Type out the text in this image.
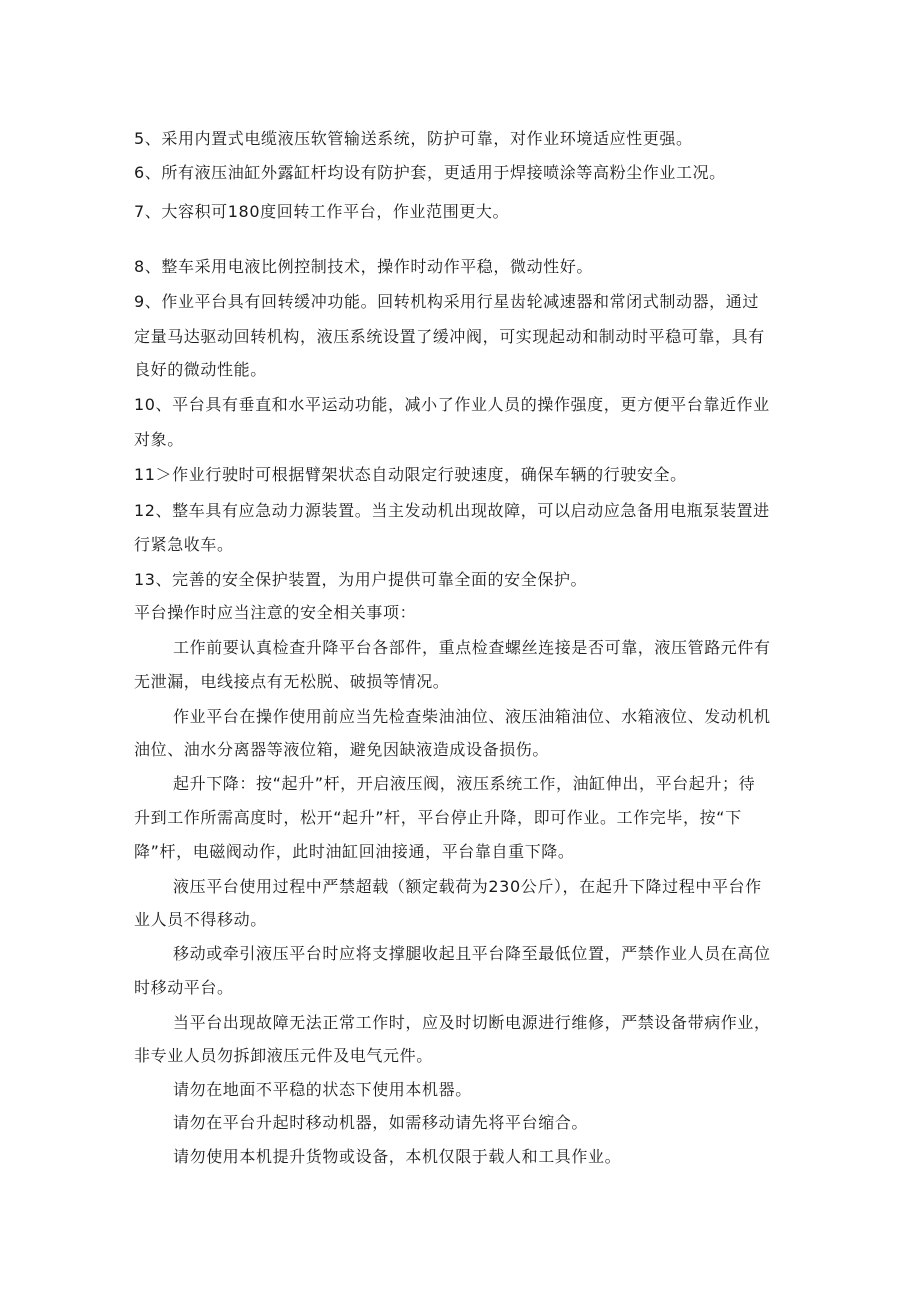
5、采用内置式电缆液压软管输送系统，防护可靠，对作业环境适应性更强。
6、所有液压油缸外露缸杆均设有防护套，更适用于焊接喷涂等高粉尘作业工况。
7、大容积可180度回转工作平台，作业范围更大。
8、整车采用电液比例控制技术，操作时动作平稳，微动性好。
9、作业平台具有回转缓冲功能。回转机构采用行星齿轮减速器和常闭式制动器，通过
定量马达驱动回转机构，液压系统设置了缓冲阀，可实现起动和制动时平稳可靠，具有
良好的微动性能。
10、平台具有垂直和水平运动功能，减小了作业人员的操作强度，更方便平台靠近作业
对象。
11＞作业行驶时可根据臂架状态自动限定行驶速度，确保车辆的行驶安全。
12、整车具有应急动力源装置。当主发动机出现故障，可以启动应急备用电瓶泵装置进
行紧急收车。
13、完善的安全保护装置，为用户提供可靠全面的安全保护。
平台操作时应当注意的安全相关事项：
工作前要认真检查升降平台各部件，重点检查螺丝连接是否可靠，液压管路元件有
无泄漏，电线接点有无松脱、破损等情况。
作业平台在操作使用前应当先检查柴油油位、液压油箱油位、水箱液位、发动机机
油位、油水分离器等液位箱，避免因缺液造成设备损伤。
起升下降：按“起升”杆，开启液压阀，液压系统工作，油缸伸出，平台起升；待
升到工作所需高度时，松开“起升”杆，平台停止升降，即可作业。工作完毕，按“下
降”杆，电磁阀动作，此时油缸回油接通，平台靠自重下降。
液压平台使用过程中严禁超载（额定载荷为230公斤），在起升下降过程中平台作
业人员不得移动。
移动或牵引液压平台时应将支撑腿收起且平台降至最低位置，严禁作业人员在高位
时移动平台。
当平台出现故障无法正常工作时，应及时切断电源进行维修，严禁设备带病作业，
非专业人员勿拆卸液压元件及电气元件。
请勿在地面不平稳的状态下使用本机器。
请勿在平台升起时移动机器，如需移动请先将平台缩合。
请勿使用本机提升货物或设备，本机仅限于载人和工具作业。
